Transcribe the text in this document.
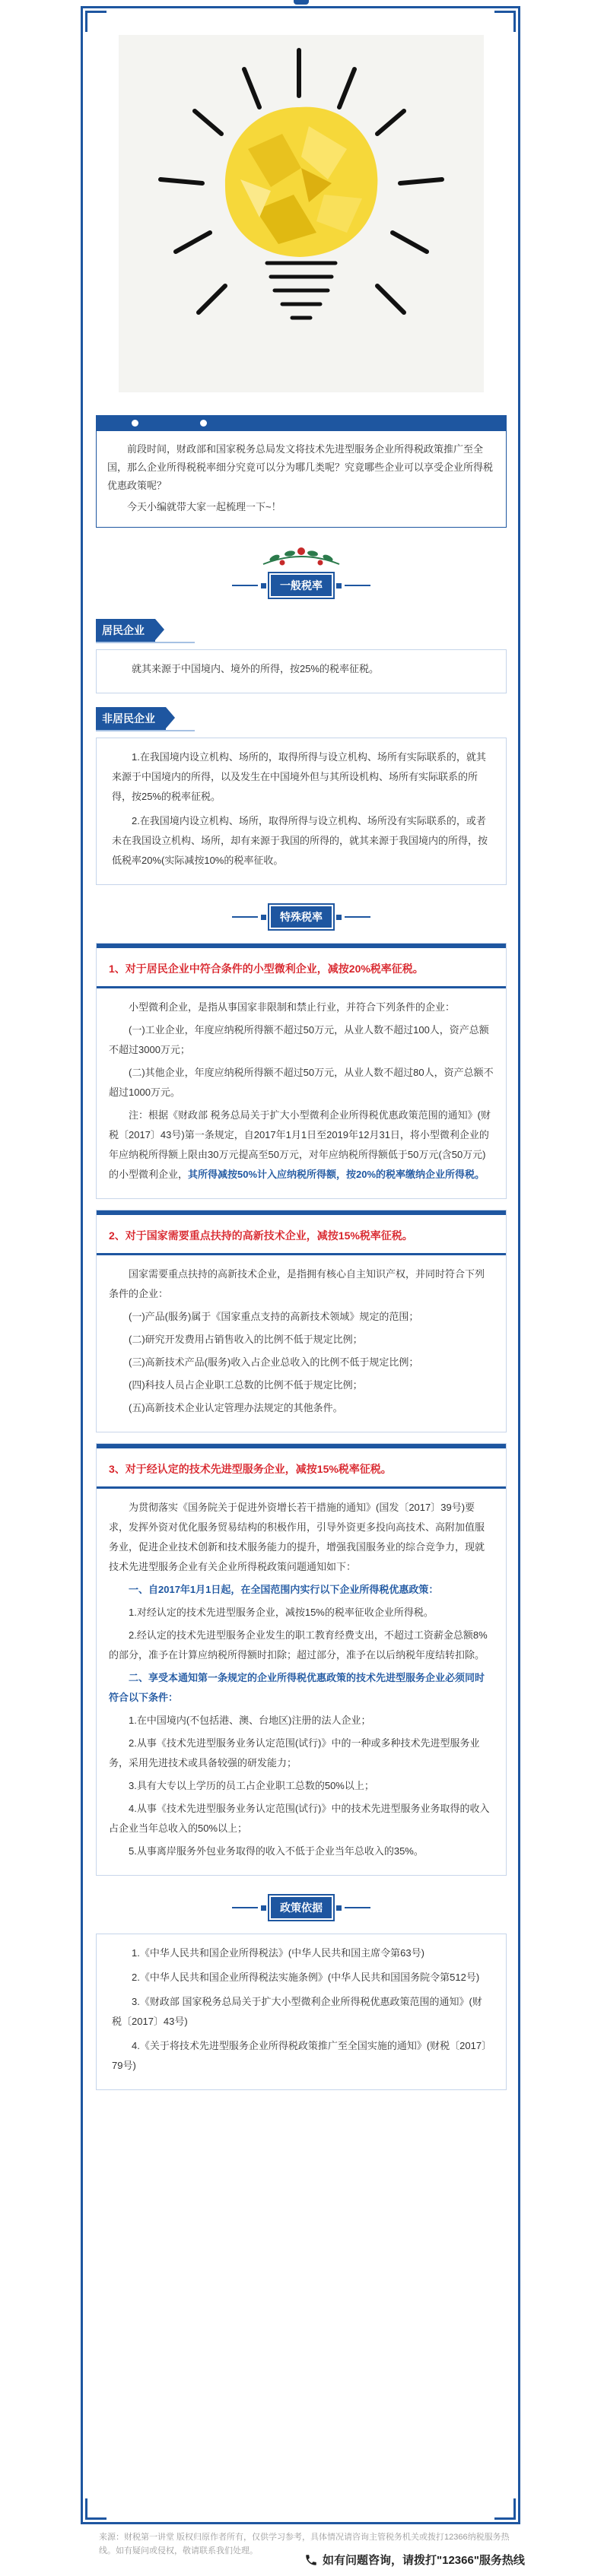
前段时间，财政部和国家税务总局发文将技术先进型服务企业所得税政策推广至全国，那么企业所得税税率细分究竟可以分为哪几类呢？究竟哪些企业可以享受企业所得税优惠政策呢？

今天小编就带大家一起梳理一下~！

一般税率
居民企业

就其来源于中国境内、境外的所得，按25%的税率征税。

非居民企业

1.在我国境内设立机构、场所的，取得所得与设立机构、场所有实际联系的，就其来源于中国境内的所得，以及发生在中国境外但与其所设机构、场所有实际联系的所得，按25%的税率征税。

2.在我国境内设立机构、场所，取得所得与设立机构、场所没有实际联系的，或者未在我国设立机构、场所，却有来源于我国的所得的，就其来源于我国境内的所得，按低税率20%(实际减按10%的税率征收。

特殊税率
1、对于居民企业中符合条件的小型微利企业，减按20%税率征税。

小型微利企业，是指从事国家非限制和禁止行业，并符合下列条件的企业：

(一)工业企业，年度应纳税所得额不超过50万元，从业人数不超过100人，资产总额不超过3000万元；

(二)其他企业，年度应纳税所得额不超过50万元，从业人数不超过80人，资产总额不超过1000万元。

注：根据《财政部 税务总局关于扩大小型微利企业所得税优惠政策范围的通知》(财税〔2017〕43号)第一条规定，自2017年1月1日至2019年12月31日，将小型微利企业的年应纳税所得额上限由30万元提高至50万元，对年应纳税所得额低于50万元(含50万元)的小型微利企业，其所得减按50%计入应纳税所得额，按20%的税率缴纳企业所得税。

2、对于国家需要重点扶持的高新技术企业，减按15%税率征税。

国家需要重点扶持的高新技术企业，是指拥有核心自主知识产权，并同时符合下列条件的企业：

(一)产品(服务)属于《国家重点支持的高新技术领域》规定的范围；

(二)研究开发费用占销售收入的比例不低于规定比例；

(三)高新技术产品(服务)收入占企业总收入的比例不低于规定比例；

(四)科技人员占企业职工总数的比例不低于规定比例；

(五)高新技术企业认定管理办法规定的其他条件。

3、对于经认定的技术先进型服务企业，减按15%税率征税。

为贯彻落实《国务院关于促进外资增长若干措施的通知》(国发〔2017〕39号)要求，发挥外资对优化服务贸易结构的积极作用，引导外资更多投向高技术、高附加值服务业，促进企业技术创新和技术服务能力的提升，增强我国服务业的综合竞争力，现就技术先进型服务企业有关企业所得税政策问题通知如下：

一、自2017年1月1日起，在全国范围内实行以下企业所得税优惠政策：

1.对经认定的技术先进型服务企业，减按15%的税率征收企业所得税。

2.经认定的技术先进型服务企业发生的职工教育经费支出，不超过工资薪金总额8%的部分，准予在计算应纳税所得额时扣除；超过部分，准予在以后纳税年度结转扣除。

二、享受本通知第一条规定的企业所得税优惠政策的技术先进型服务企业必须同时符合以下条件：

1.在中国境内(不包括港、澳、台地区)注册的法人企业；

2.从事《技术先进型服务业务认定范围(试行)》中的一种或多种技术先进型服务业务，采用先进技术或具备较强的研发能力；

3.具有大专以上学历的员工占企业职工总数的50%以上；

4.从事《技术先进型服务业务认定范围(试行)》中的技术先进型服务业务取得的收入占企业当年总收入的50%以上；

5.从事离岸服务外包业务取得的收入不低于企业当年总收入的35%。

政策依据

1.《中华人民共和国企业所得税法》(中华人民共和国主席令第63号)

2.《中华人民共和国企业所得税法实施条例》(中华人民共和国国务院令第512号)

3.《财政部 国家税务总局关于扩大小型微利企业所得税优惠政策范围的通知》(财税〔2017〕43号)

4.《关于将技术先进型服务企业所得税政策推广至全国实施的通知》(财税〔2017〕79号)

来源：财税第一讲堂 版权归原作者所有，仅供学习参考，具体情况请咨询主管税务机关或拨打12366纳税服务热线。如有疑问或侵权，敬请联系我们处理。
如有问题咨询，请拨打"12366"服务热线
